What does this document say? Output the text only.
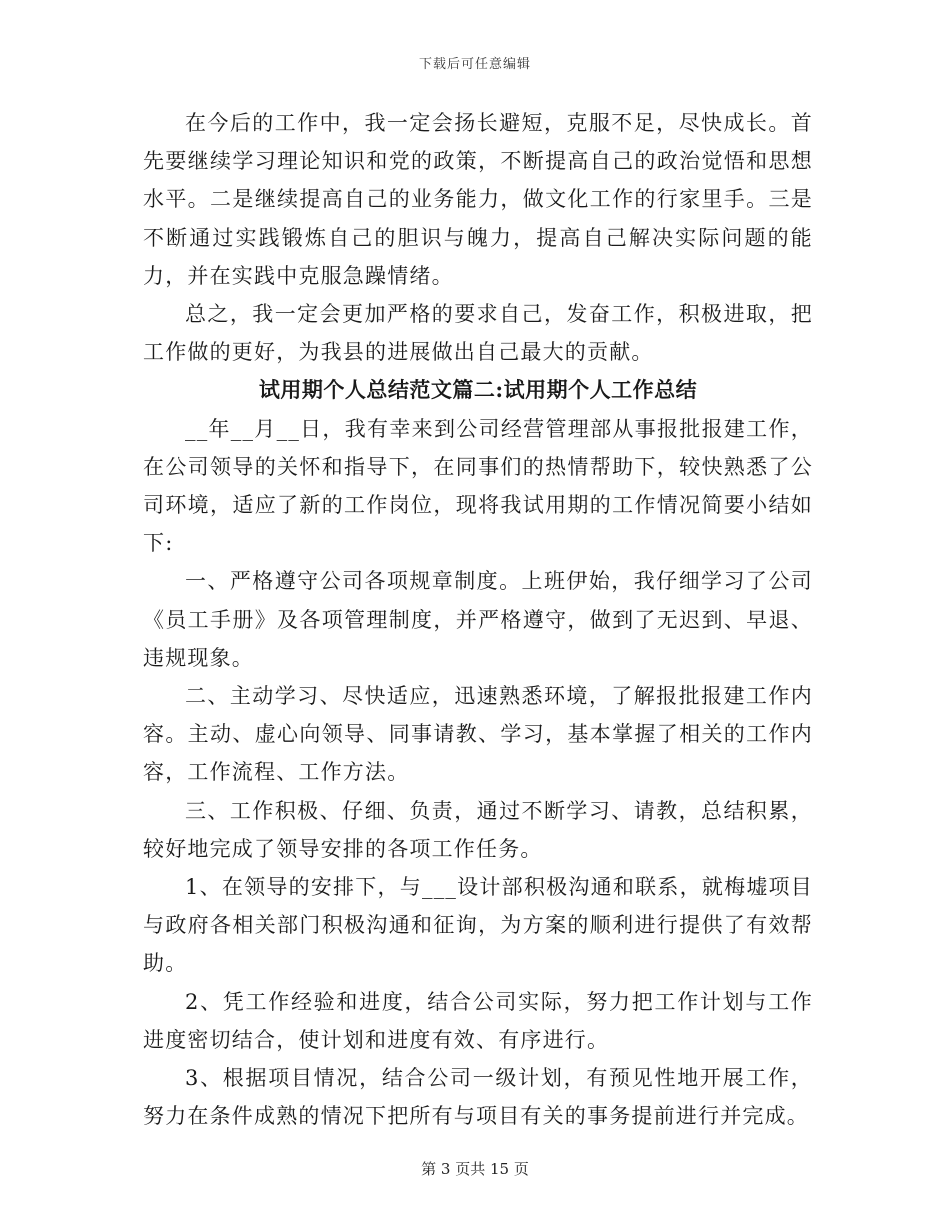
下载后可任意编辑

在今后的工作中，我一定会扬长避短，克服不足，尽快成长。首先要继续学习理论知识和党的政策，不断提高自己的政治觉悟和思想水平。二是继续提高自己的业务能力，做文化工作的行家里手。三是不断通过实践锻炼自己的胆识与魄力，提高自己解决实际问题的能力，并在实践中克服急躁情绪。

总之，我一定会更加严格的要求自己，发奋工作，积极进取，把工作做的更好，为我县的进展做出自己最大的贡献。

试用期个人总结范文篇二:试用期个人工作总结

__年__月__日，我有幸来到公司经营管理部从事报批报建工作，在公司领导的关怀和指导下，在同事们的热情帮助下，较快熟悉了公司环境，适应了新的工作岗位，现将我试用期的工作情况简要小结如下:

一、严格遵守公司各项规章制度。上班伊始，我仔细学习了公司《员工手册》及各项管理制度，并严格遵守，做到了无迟到、早退、违规现象。

二、主动学习、尽快适应，迅速熟悉环境，了解报批报建工作内容。主动、虚心向领导、同事请教、学习，基本掌握了相关的工作内容，工作流程、工作方法。

三、工作积极、仔细、负责，通过不断学习、请教，总结积累，较好地完成了领导安排的各项工作任务。

1、在领导的安排下，与___设计部积极沟通和联系，就梅墟项目与政府各相关部门积极沟通和征询，为方案的顺利进行提供了有效帮助。

2、凭工作经验和进度，结合公司实际，努力把工作计划与工作进度密切结合，使计划和进度有效、有序进行。

3、根据项目情况，结合公司一级计划，有预见性地开展工作，努力在条件成熟的情况下把所有与项目有关的事务提前进行并完成。

第 3 页共 15 页
